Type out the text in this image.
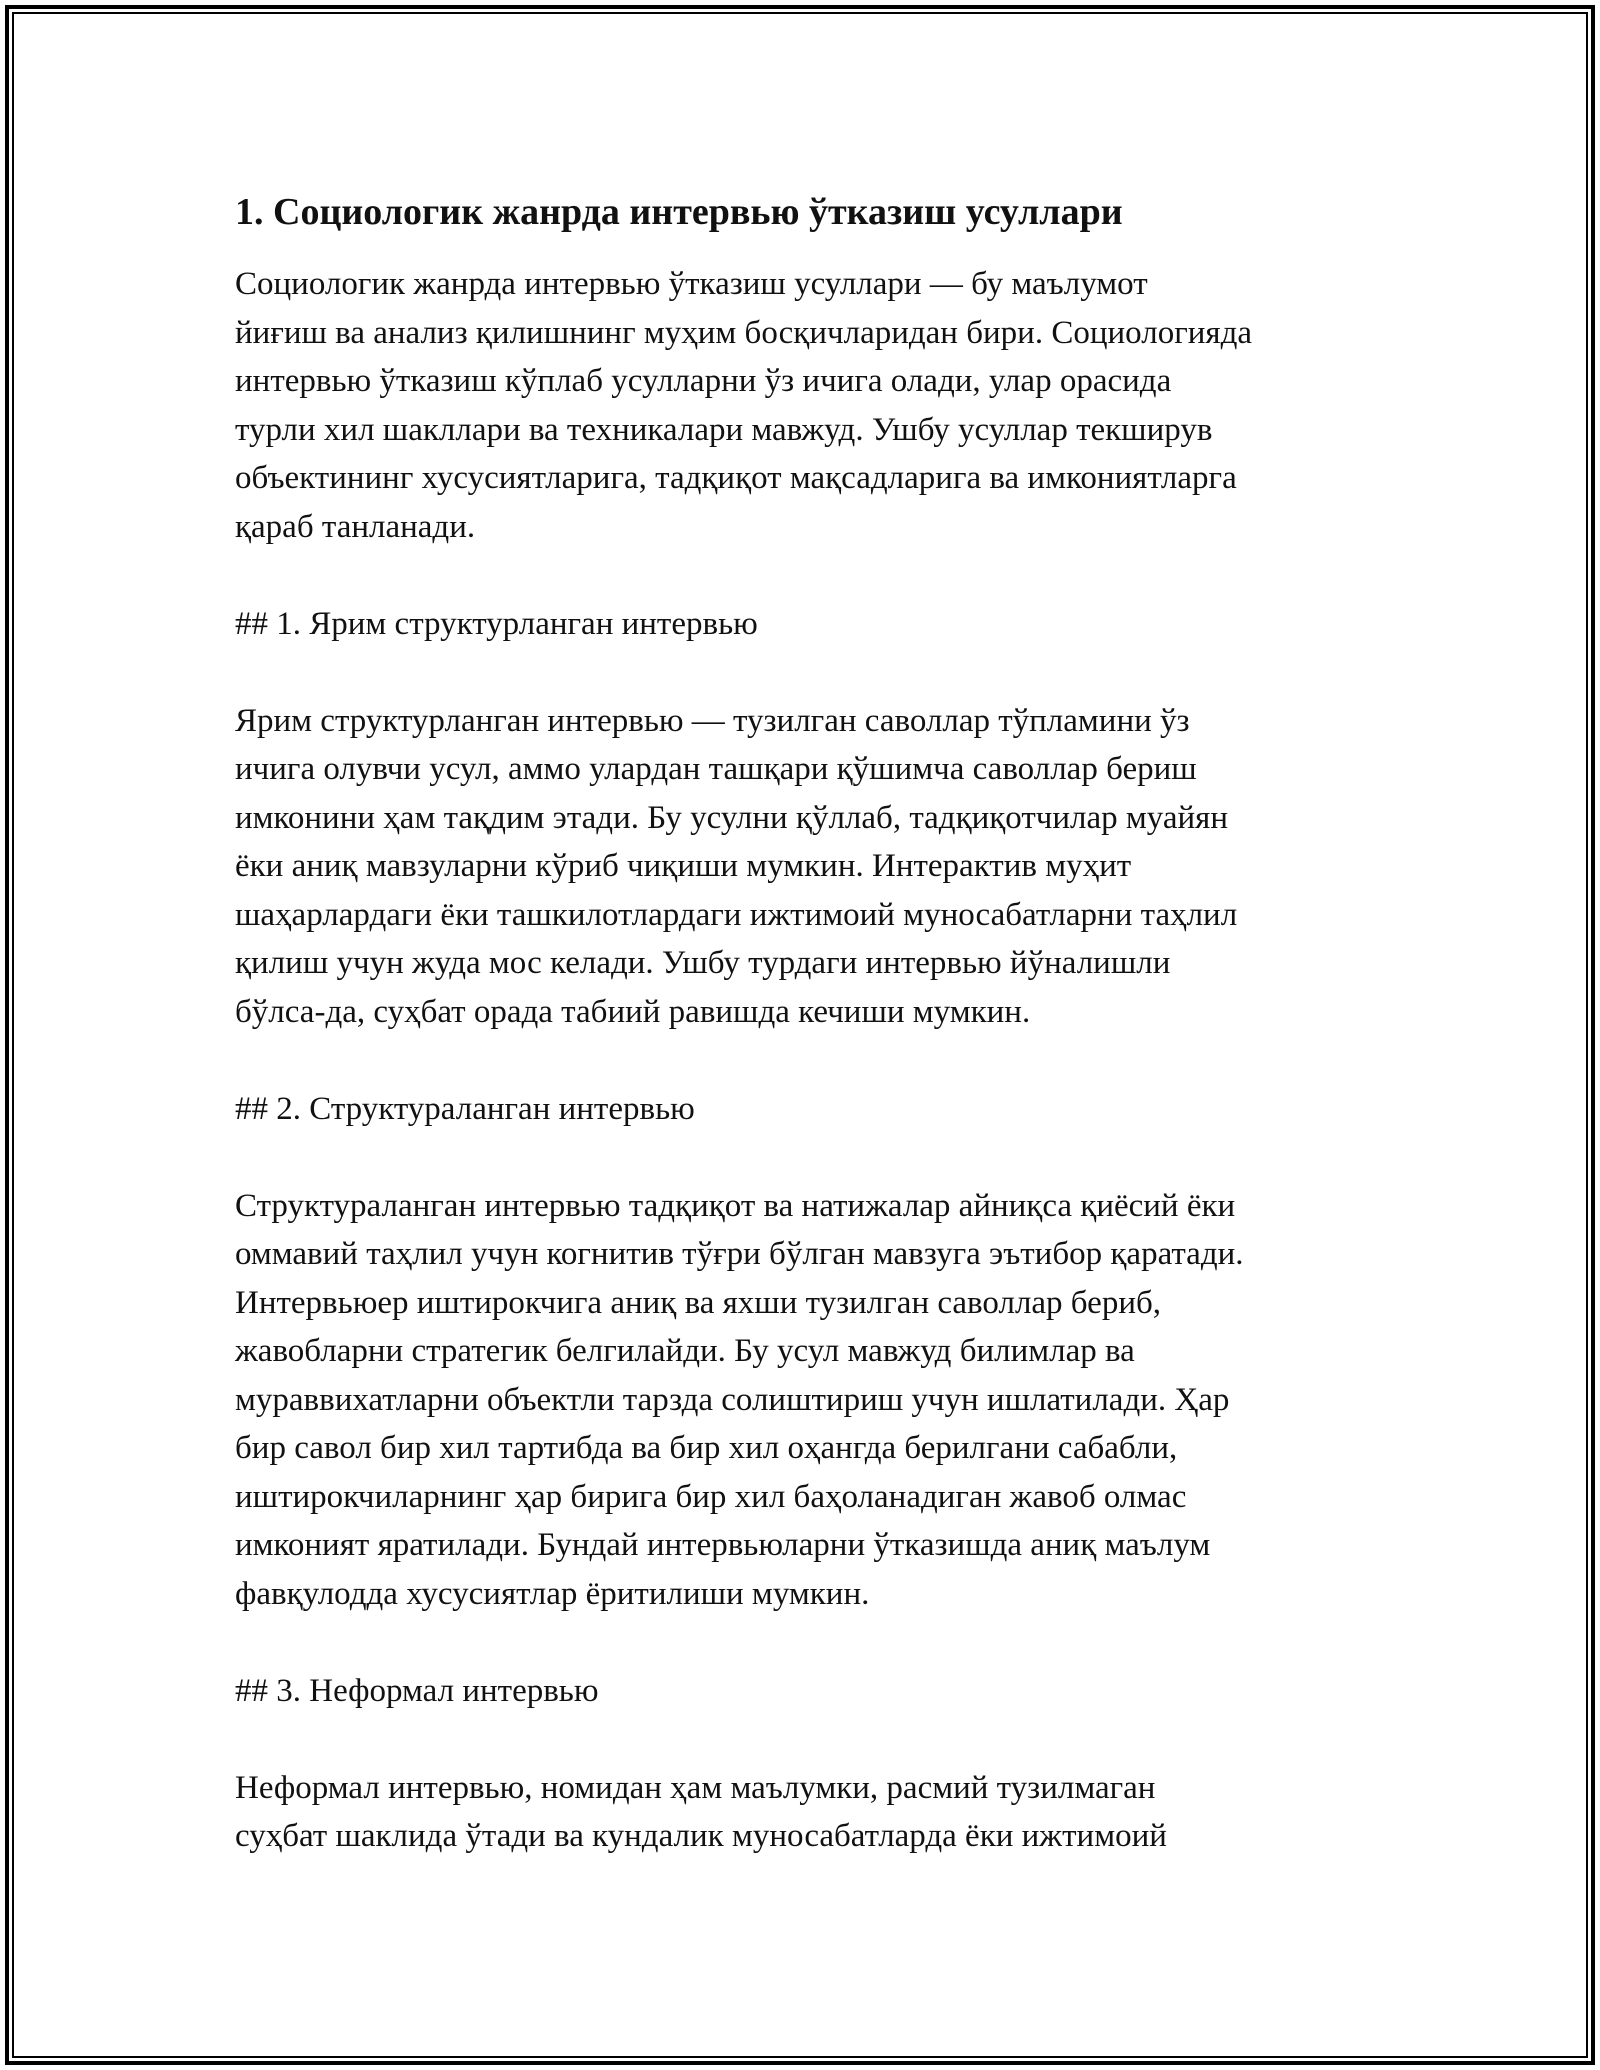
1. Социологик жанрда интервью ўтказиш усуллари

Социологик жанрда интервью ўтказиш усуллари — бу маълумот

йиғиш ва анализ қилишнинг муҳим босқичларидан бири. Социологияда

интервью ўтказиш кўплаб усулларни ўз ичига олади, улар орасида

турли хил шакллари ва техникалари мавжуд. Ушбу усуллар текширув

объектининг хусусиятларига, тадқиқот мақсадларига ва имкониятларга

қараб танланади.

## 1. Ярим структурланган интервью

Ярим структурланган интервью — тузилган саволлар тўпламини ўз

ичига олувчи усул, аммо улардан ташқари қўшимча саволлар бериш

имконини ҳам тақдим этади. Бу усулни қўллаб, тадқиқотчилар муайян

ёки аниқ мавзуларни кўриб чиқиши мумкин. Интерактив муҳит

шаҳарлардаги ёки ташкилотлардаги ижтимоий муносабатларни таҳлил

қилиш учун жуда мос келади. Ушбу турдаги интервью йўналишли

бўлса-да, суҳбат орада табиий равишда кечиши мумкин.

## 2. Структураланган интервью

Структураланган интервью тадқиқот ва натижалар айниқса қиёсий ёки

оммавий таҳлил учун когнитив тўғри бўлган мавзуга эътибор қаратади.

Интервьюер иштирокчига аниқ ва яхши тузилган саволлар бериб,

жавобларни стратегик белгилайди. Бу усул мавжуд билимлар ва

мураввихатларни объектли тарзда солиштириш учун ишлатилади. Ҳар

бир савол бир хил тартибда ва бир хил оҳангда берилгани сабабли,

иштирокчиларнинг ҳар бирига бир хил баҳоланадиган жавоб олмас

имконият яратилади. Бундай интервьюларни ўтказишда аниқ маълум

фавқулодда хусусиятлар ёритилиши мумкин.

## 3. Неформал интервью

Неформал интервью, номидан ҳам маълумки, расмий тузилмаган

суҳбат шаклида ўтади ва кундалик муносабатларда ёки ижтимоий
